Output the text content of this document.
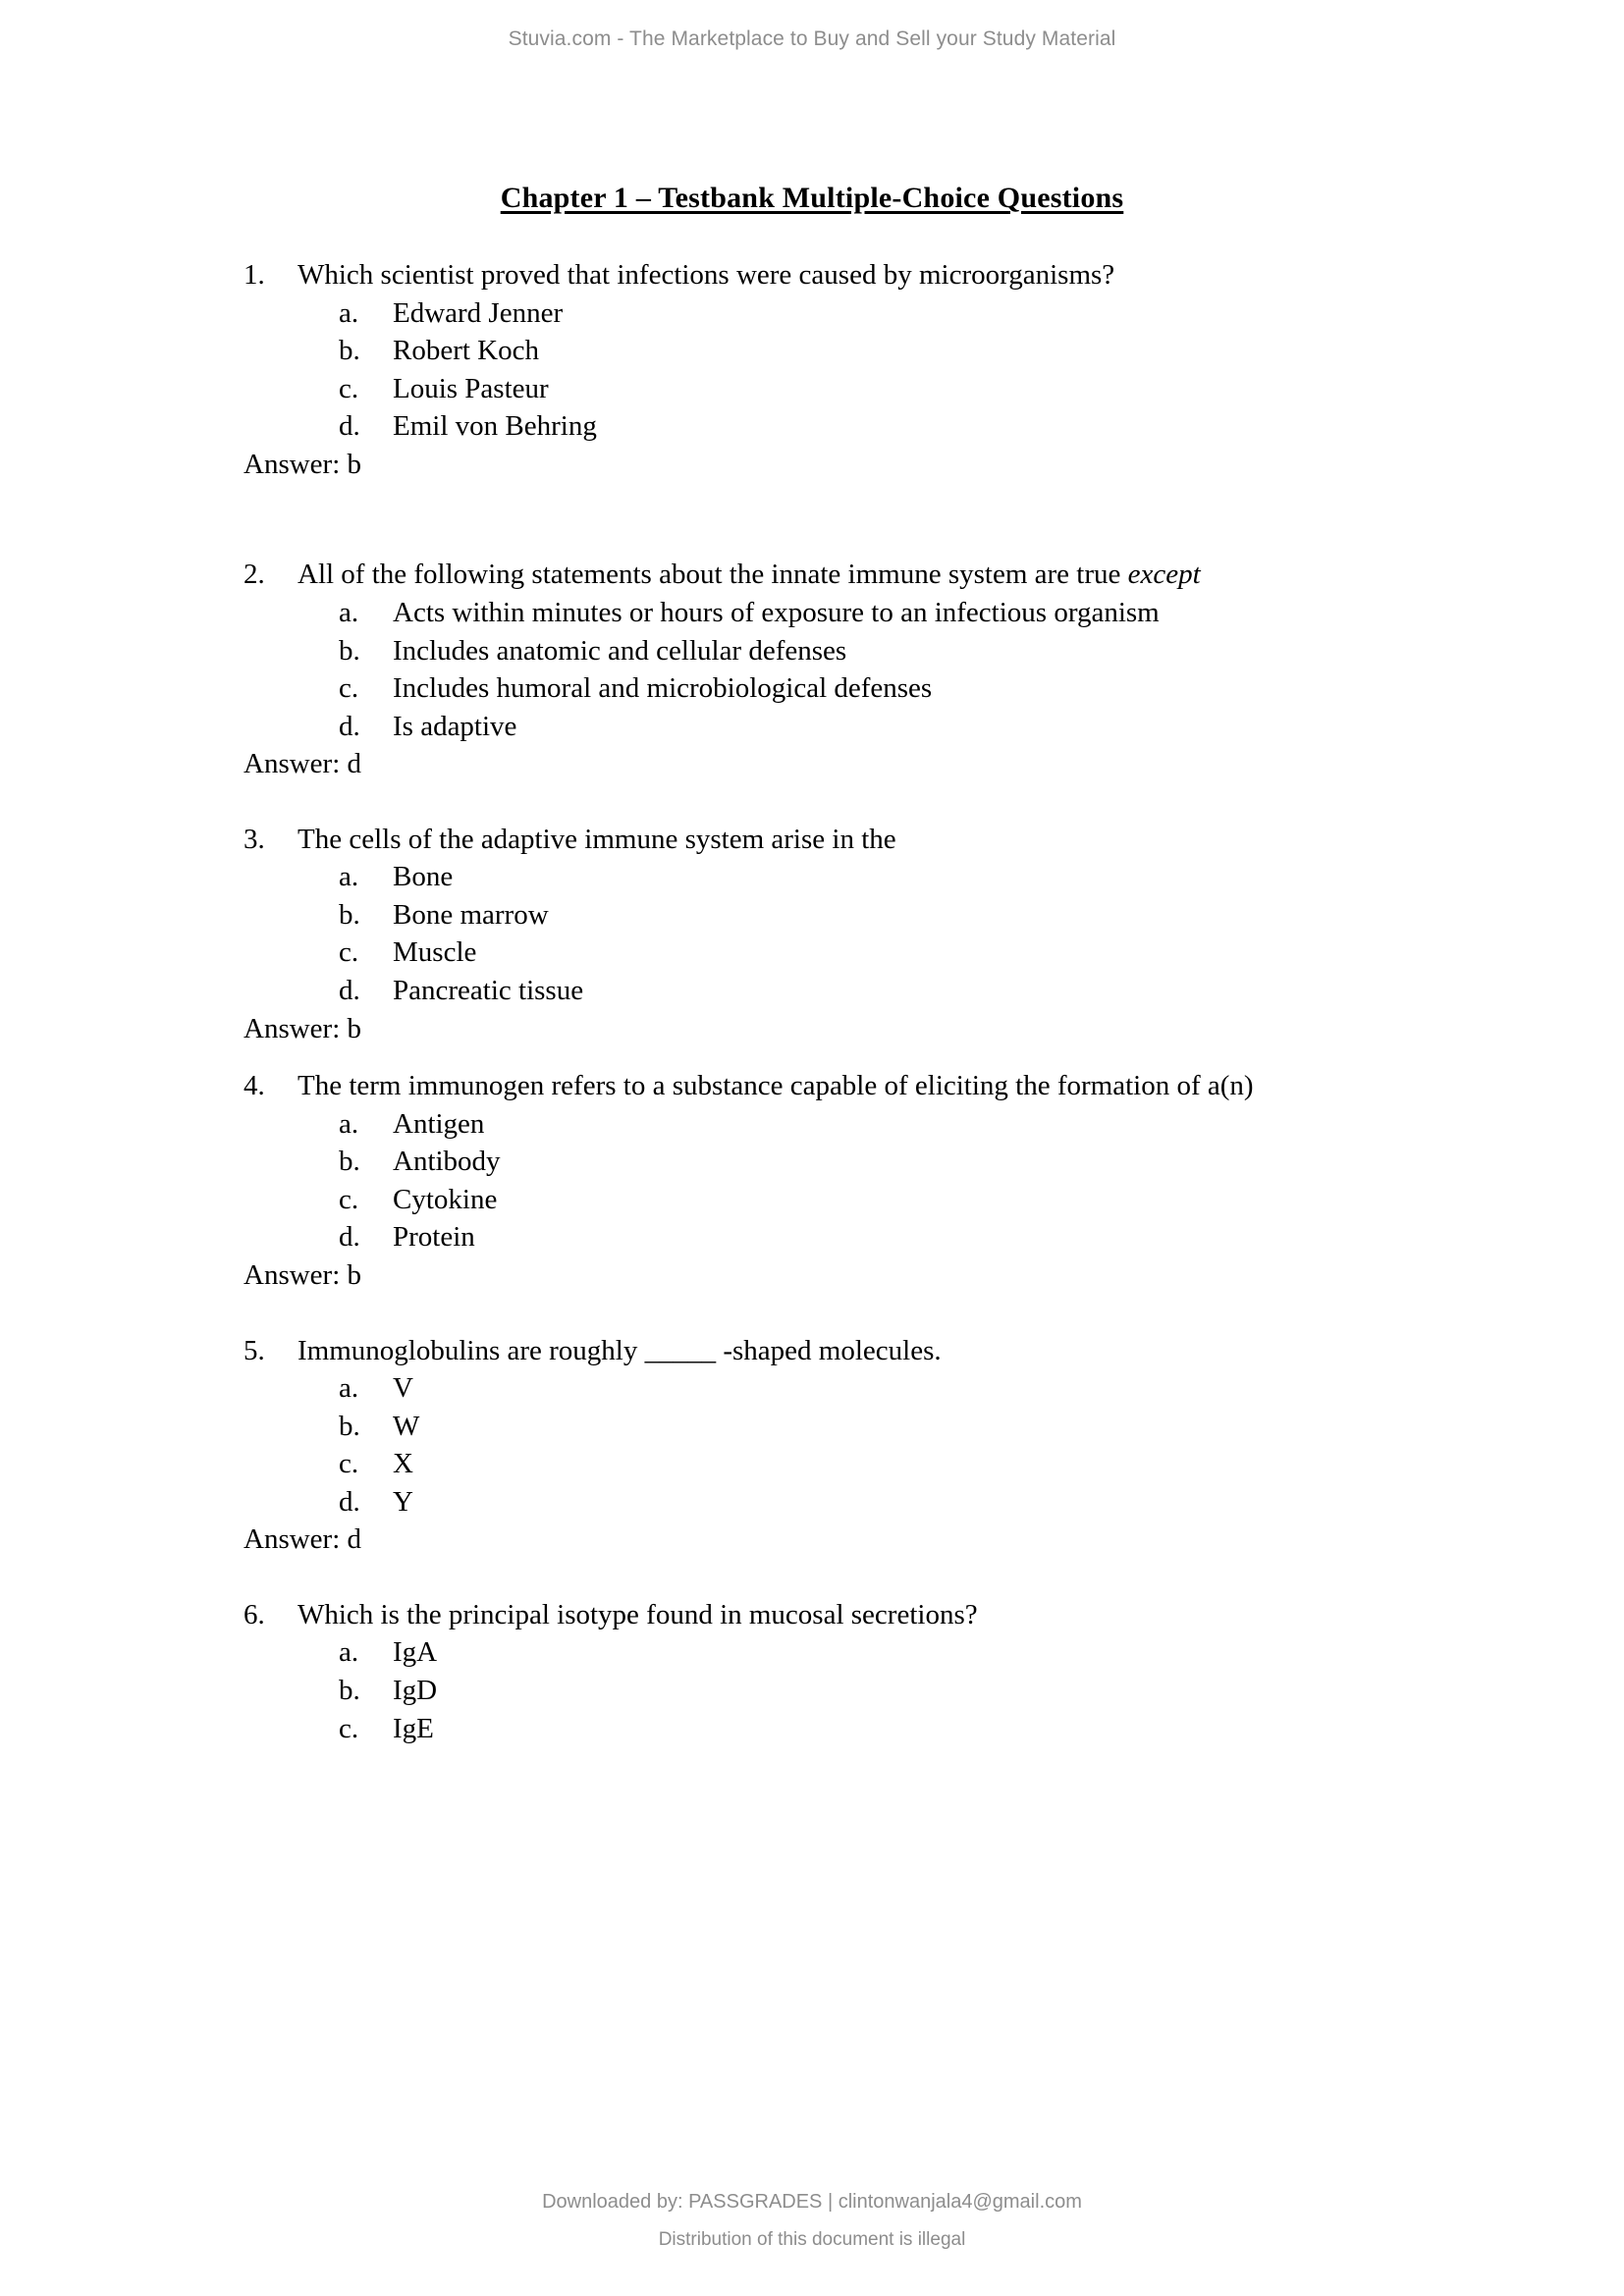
Stuvia.com - The Marketplace to Buy and Sell your Study Material
Chapter 1 – Testbank Multiple-Choice Questions
1.	Which scientist proved that infections were caused by microorganisms?
a.	Edward Jenner
b.	Robert Koch
c.	Louis Pasteur
d.	Emil von Behring
Answer: b
2.	All of the following statements about the innate immune system are true except
a.	Acts within minutes or hours of exposure to an infectious organism
b.	Includes anatomic and cellular defenses
c.	Includes humoral and microbiological defenses
d.	Is adaptive
Answer: d
3.	The cells of the adaptive immune system arise in the
a.	Bone
b.	Bone marrow
c.	Muscle
d.	Pancreatic tissue
Answer: b
4.	The term immunogen refers to a substance capable of eliciting the formation of a(n)
a.	Antigen
b.	Antibody
c.	Cytokine
d.	Protein
Answer: b
5.	Immunoglobulins are roughly _____ -shaped molecules.
a.	V
b.	W
c.	X
d.	Y
Answer: d
6.	Which is the principal isotype found in mucosal secretions?
a.	IgA
b.	IgD
c.	IgE
Downloaded by: PASSGRADES | clintonwanjala4@gmail.com
Distribution of this document is illegal
